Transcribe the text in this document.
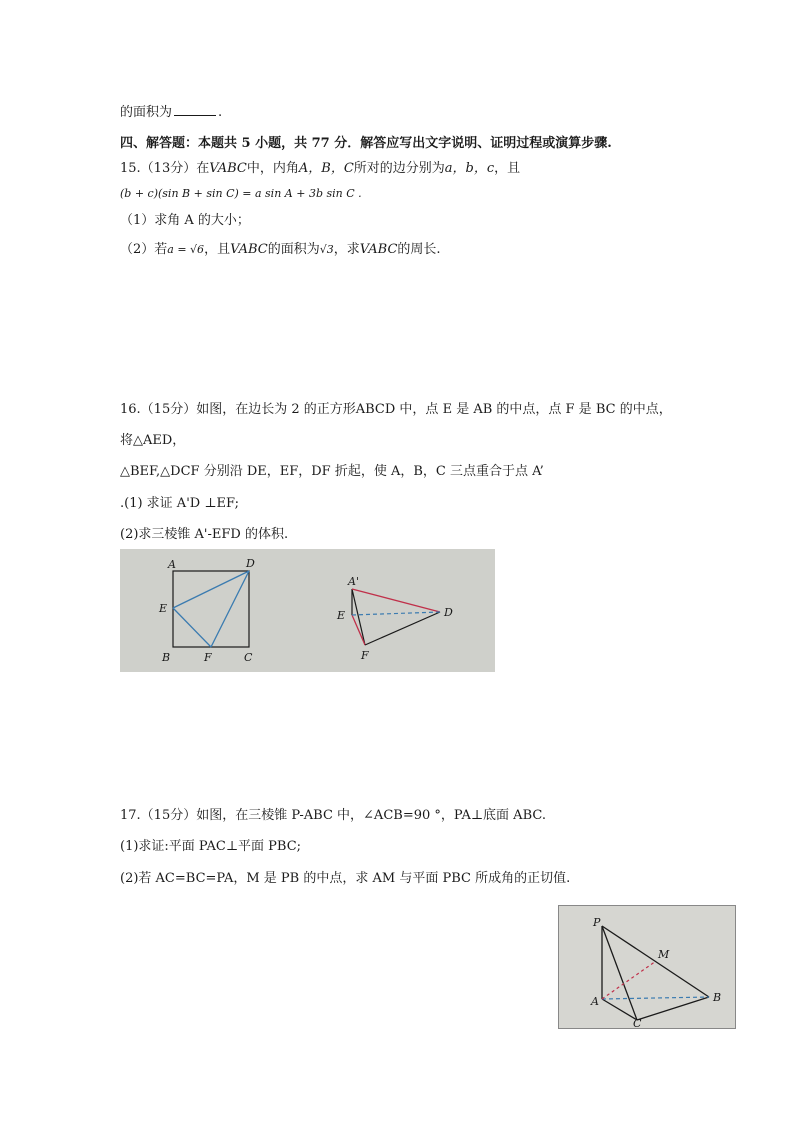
的面积为	.
四、解答题：本题共 5 小题，共 77 分．解答应写出文字说明、证明过程或演算步骤.
15.（13分）在VABC中，内角A，B，C所对的边分别为a，b，c，且
(b + c)(sin B + sin C) = a sin A + 3b sin C .
（1）求角 A 的大小；
（2）若a = √6，且VABC的面积为√3，求VABC的周长.
16.（15分）如图，在边长为 2 的正方形ABCD 中，点 E 是 AB 的中点，点 F 是 BC 的中点，
将△AED，
△BEF,△DCF 分别沿 DE，EF，DF 折起，使 A，B，C 三点重合于点 A’
.(1) 求证 A'D ⊥EF;
(2)求三棱锥 A'-EFD 的体积.
A
B	C
D
E
F
A'
E
F
D
17.（15分）如图，在三棱锥 P-ABC 中，∠ACB=90 °，PA⊥底面 ABC.
(1)求证:平面 PAC⊥平面 PBC;
(2)若 AC=BC=PA，M 是 PB 的中点，求 AM 与平面 PBC 所成角的正切值.
P
M
A	B
C
